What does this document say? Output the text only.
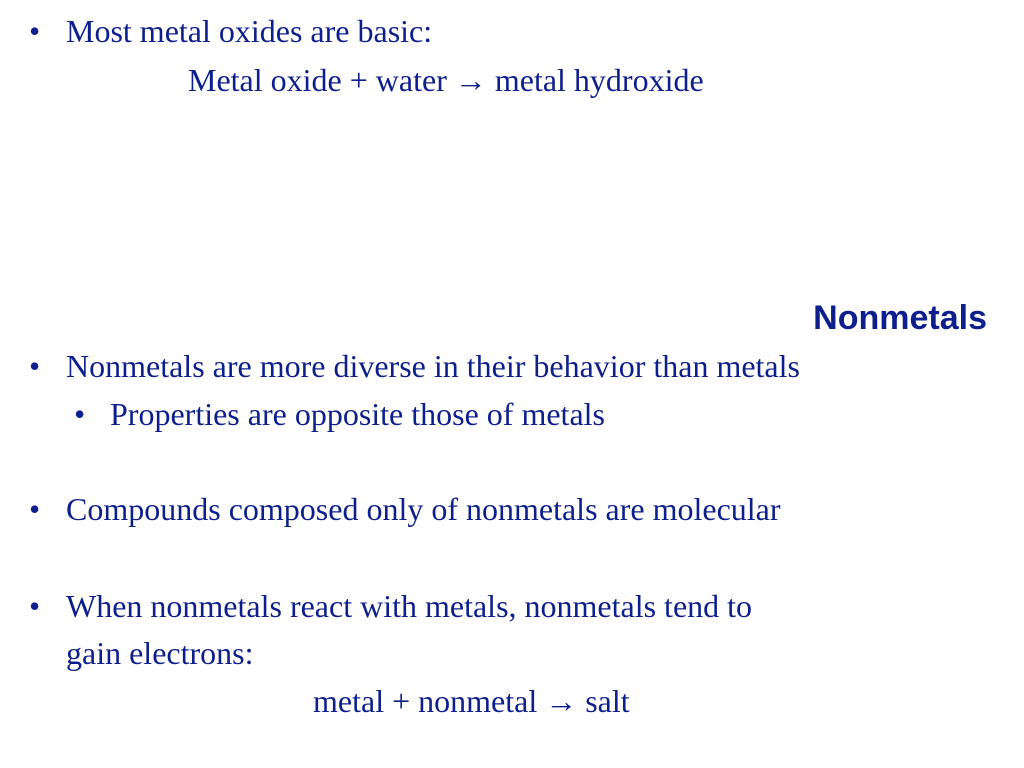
• Most metal oxides are basic:
Metal oxide + water → metal hydroxide
Nonmetals
• Nonmetals are more diverse in their behavior than metals
• Properties are opposite those of metals
• Compounds composed only of nonmetals are molecular
• When nonmetals react with metals, nonmetals tend to
gain electrons:
metal + nonmetal → salt
